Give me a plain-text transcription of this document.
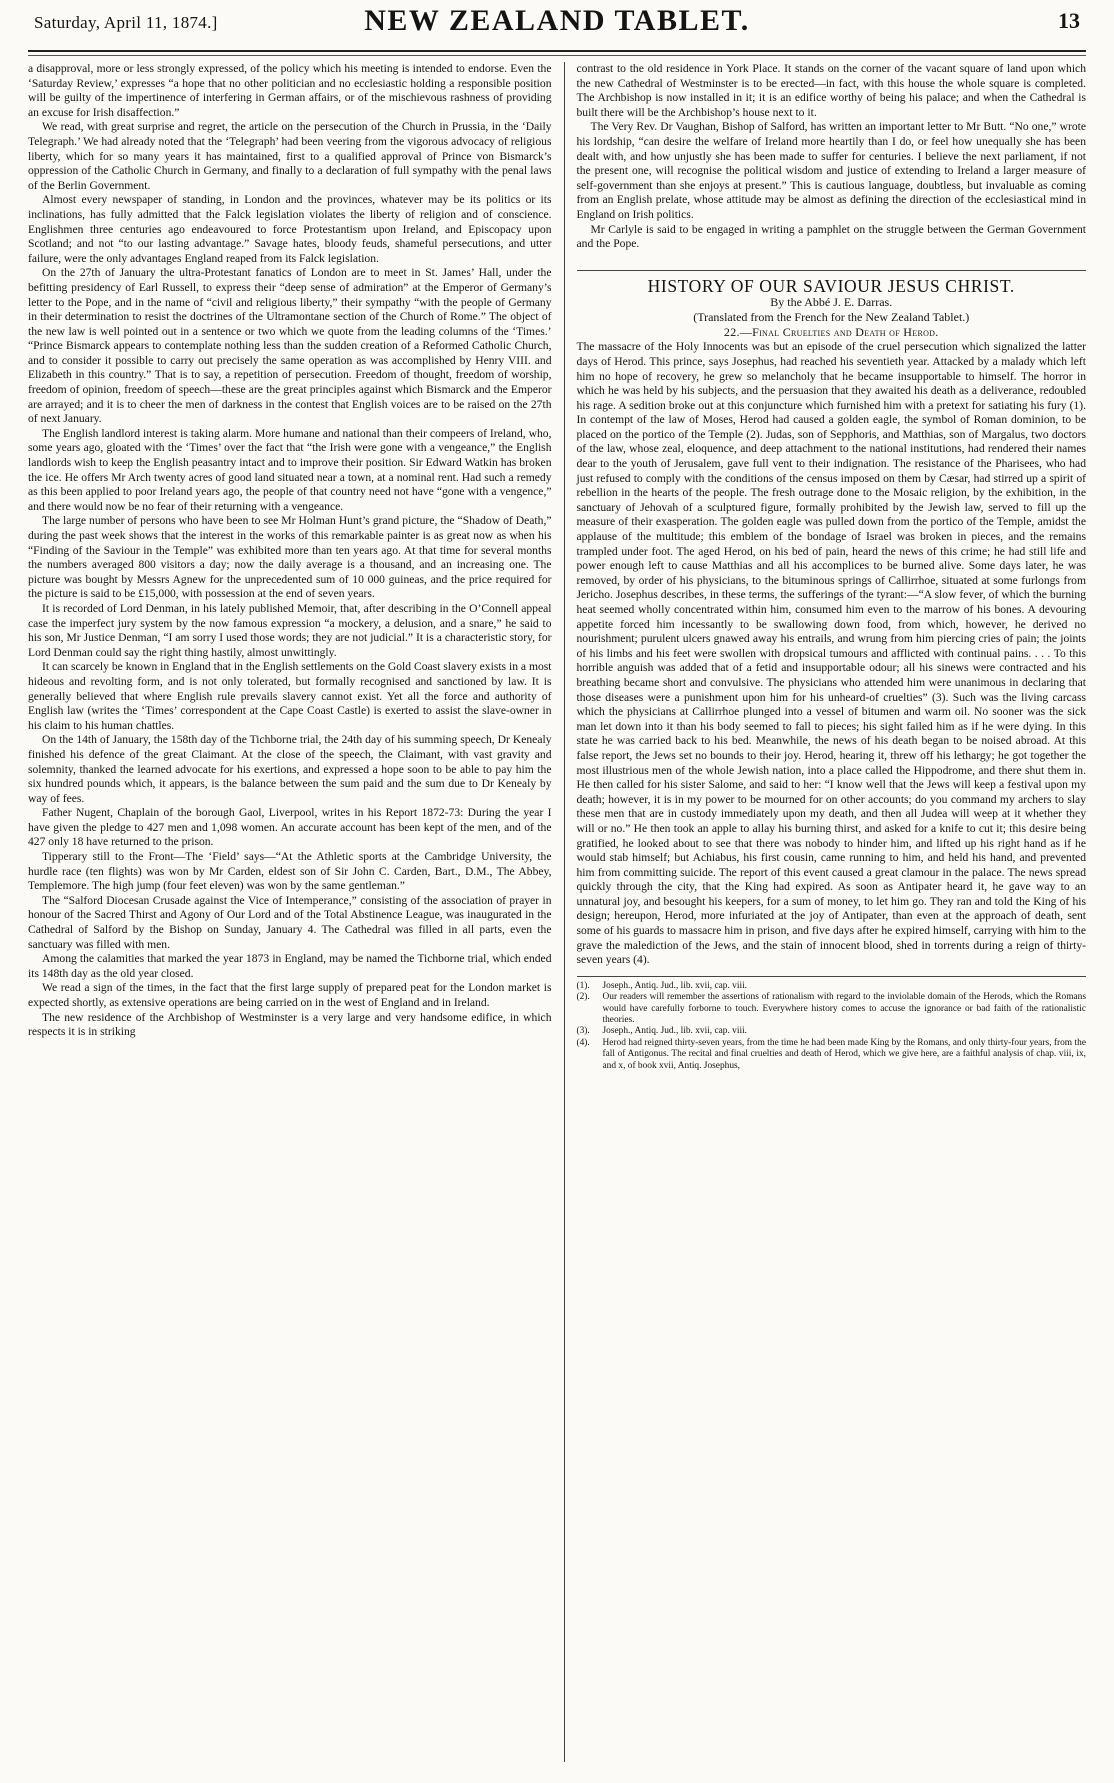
Saturday, April 11, 1874.]	NEW ZEALAND TABLET.	13

a disapproval, more or less strongly expressed, of the policy which his meeting is intended to endorse. Even the ‘Saturday Review,’ expresses “a hope that no other politician and no ecclesiastic holding a responsible position will be guilty of the impertinence of interfering in German affairs, or of the mischievous rashness of providing an excuse for Irish disaffection.”

We read, with great surprise and regret, the article on the persecution of the Church in Prussia, in the ‘Daily Telegraph.’ We had already noted that the ‘Telegraph’ had been veering from the vigorous advocacy of religious liberty, which for so many years it has maintained, first to a qualified approval of Prince von Bismarck’s oppression of the Catholic Church in Germany, and finally to a declaration of full sympathy with the penal laws of the Berlin Government.

Almost every newspaper of standing, in London and the provinces, whatever may be its politics or its inclinations, has fully admitted that the Falck legislation violates the liberty of religion and of conscience. Englishmen three centuries ago endeavoured to force Protestantism upon Ireland, and Episcopacy upon Scotland; and not “to our lasting advantage.” Savage hates, bloody feuds, shameful persecutions, and utter failure, were the only advantages England reaped from its Falck legislation.

On the 27th of January the ultra-Protestant fanatics of London are to meet in St. James’ Hall, under the befitting presidency of Earl Russell, to express their “deep sense of admiration” at the Emperor of Germany’s letter to the Pope, and in the name of “civil and religious liberty,” their sympathy “with the people of Germany in their determination to resist the doctrines of the Ultramontane section of the Church of Rome.” The object of the new law is well pointed out in a sentence or two which we quote from the leading columns of the ‘Times.’ “Prince Bismarck appears to contemplate nothing less than the sudden creation of a Reformed Catholic Church, and to consider it possible to carry out precisely the same operation as was accomplished by Henry VIII. and Elizabeth in this country.” That is to say, a repetition of persecution. Freedom of thought, freedom of worship, freedom of opinion, freedom of speech—these are the great principles against which Bismarck and the Emperor are arrayed; and it is to cheer the men of darkness in the contest that English voices are to be raised on the 27th of next January.

The English landlord interest is taking alarm. More humane and national than their compeers of Ireland, who, some years ago, gloated with the ‘Times’ over the fact that “the Irish were gone with a vengeance,” the English landlords wish to keep the English peasantry intact and to improve their position. Sir Edward Watkin has broken the ice. He offers Mr Arch twenty acres of good land situated near a town, at a nominal rent. Had such a remedy as this been applied to poor Ireland years ago, the people of that country need not have “gone with a vengence,” and there would now be no fear of their returning with a vengeance.

The large number of persons who have been to see Mr Holman Hunt’s grand picture, the “Shadow of Death,” during the past week shows that the interest in the works of this remarkable painter is as great now as when his “Finding of the Saviour in the Temple” was exhibited more than ten years ago. At that time for several months the numbers averaged 800 visitors a day; now the daily average is a thousand, and an increasing one. The picture was bought by Messrs Agnew for the unprecedented sum of 10 000 guineas, and the price required for the picture is said to be £15,000, with possession at the end of seven years.

It is recorded of Lord Denman, in his lately published Memoir, that, after describing in the O’Connell appeal case the imperfect jury system by the now famous expression “a mockery, a delusion, and a snare,” he said to his son, Mr Justice Denman, “I am sorry I used those words; they are not judicial.” It is a characteristic story, for Lord Denman could say the right thing hastily, almost unwittingly.

It can scarcely be known in England that in the English settlements on the Gold Coast slavery exists in a most hideous and revolting form, and is not only tolerated, but formally recognised and sanctioned by law. It is generally believed that where English rule prevails slavery cannot exist. Yet all the force and authority of English law (writes the ‘Times’ correspondent at the Cape Coast Castle) is exerted to assist the slave-owner in his claim to his human chattles.

On the 14th of January, the 158th day of the Tichborne trial, the 24th day of his summing speech, Dr Kenealy finished his defence of the great Claimant. At the close of the speech, the Claimant, with vast gravity and solemnity, thanked the learned advocate for his exertions, and expressed a hope soon to be able to pay him the six hundred pounds which, it appears, is the balance between the sum paid and the sum due to Dr Kenealy by way of fees.

Father Nugent, Chaplain of the borough Gaol, Liverpool, writes in his Report 1872-73: During the year I have given the pledge to 427 men and 1,098 women. An accurate account has been kept of the men, and of the 427 only 18 have returned to the prison.

Tipperary still to the Front—The ‘Field’ says—“At the Athletic sports at the Cambridge University, the hurdle race (ten flights) was won by Mr Carden, eldest son of Sir John C. Carden, Bart., D.M., The Abbey, Templemore. The high jump (four feet eleven) was won by the same gentleman.”

The “Salford Diocesan Crusade against the Vice of Intemperance,” consisting of the association of prayer in honour of the Sacred Thirst and Agony of Our Lord and of the Total Abstinence League, was inaugurated in the Cathedral of Salford by the Bishop on Sunday, January 4. The Cathedral was filled in all parts, even the sanctuary was filled with men.

Among the calamities that marked the year 1873 in England, may be named the Tichborne trial, which ended its 148th day as the old year closed.

We read a sign of the times, in the fact that the first large supply of prepared peat for the London market is expected shortly, as extensive operations are being carried on in the west of England and in Ireland.

The new residence of the Archbishop of Westminster is a very large and very handsome edifice, in which respects it is in striking

contrast to the old residence in York Place. It stands on the corner of the vacant square of land upon which the new Cathedral of Westminster is to be erected—in fact, with this house the whole square is completed. The Archbishop is now installed in it; it is an edifice worthy of being his palace; and when the Cathedral is built there will be the Archbishop’s house next to it.

The Very Rev. Dr Vaughan, Bishop of Salford, has written an important letter to Mr Butt. “No one,” wrote his lordship, “can desire the welfare of Ireland more heartily than I do, or feel how unequally she has been dealt with, and how unjustly she has been made to suffer for centuries. I believe the next parliament, if not the present one, will recognise the political wisdom and justice of extending to Ireland a larger measure of self-government than she enjoys at present.” This is cautious language, doubtless, but invaluable as coming from an English prelate, whose attitude may be almost as defining the direction of the ecclesiastical mind in England on Irish politics.

Mr Carlyle is said to be engaged in writing a pamphlet on the struggle between the German Government and the Pope.

HISTORY OF OUR SAVIOUR JESUS CHRIST.
By the Abbé J. E. Darras.
(Translated from the French for the New Zealand Tablet.)
22.—Final Cruelties and Death of Herod.

The massacre of the Holy Innocents was but an episode of the cruel persecution which signalized the latter days of Herod. This prince, says Josephus, had reached his seventieth year. Attacked by a malady which left him no hope of recovery, he grew so melancholy that he became insupportable to himself. The horror in which he was held by his subjects, and the persuasion that they awaited his death as a deliverance, redoubled his rage. A sedition broke out at this conjuncture which furnished him with a pretext for satiating his fury (1). In contempt of the law of Moses, Herod had caused a golden eagle, the symbol of Roman dominion, to be placed on the portico of the Temple (2). Judas, son of Sepphoris, and Matthias, son of Margalus, two doctors of the law, whose zeal, eloquence, and deep attachment to the national institutions, had rendered their names dear to the youth of Jerusalem, gave full vent to their indignation. The resistance of the Pharisees, who had just refused to comply with the conditions of the census imposed on them by Cæsar, had stirred up a spirit of rebellion in the hearts of the people. The fresh outrage done to the Mosaic religion, by the exhibition, in the sanctuary of Jehovah of a sculptured figure, formally prohibited by the Jewish law, served to fill up the measure of their exasperation. The golden eagle was pulled down from the portico of the Temple, amidst the applause of the multitude; this emblem of the bondage of Israel was broken in pieces, and the remains trampled under foot. The aged Herod, on his bed of pain, heard the news of this crime; he had still life and power enough left to cause Matthias and all his accomplices to be burned alive. Some days later, he was removed, by order of his physicians, to the bituminous springs of Callirrhoe, situated at some furlongs from Jericho. Josephus describes, in these terms, the sufferings of the tyrant:—“A slow fever, of which the burning heat seemed wholly concentrated within him, consumed him even to the marrow of his bones. A devouring appetite forced him incessantly to be swallowing down food, from which, however, he derived no nourishment; purulent ulcers gnawed away his entrails, and wrung from him piercing cries of pain; the joints of his limbs and his feet were swollen with dropsical tumours and afflicted with continual pains. . . . To this horrible anguish was added that of a fetid and insupportable odour; all his sinews were contracted and his breathing became short and convulsive. The physicians who attended him were unanimous in declaring that those diseases were a punishment upon him for his unheard-of cruelties” (3). Such was the living carcass which the physicians at Callirrhoe plunged into a vessel of bitumen and warm oil. No sooner was the sick man let down into it than his body seemed to fall to pieces; his sight failed him as if he were dying. In this state he was carried back to his bed. Meanwhile, the news of his death began to be noised abroad. At this false report, the Jews set no bounds to their joy. Herod, hearing it, threw off his lethargy; he got together the most illustrious men of the whole Jewish nation, into a place called the Hippodrome, and there shut them in. He then called for his sister Salome, and said to her: “I know well that the Jews will keep a festival upon my death; however, it is in my power to be mourned for on other accounts; do you command my archers to slay these men that are in custody immediately upon my death, and then all Judea will weep at it whether they will or no.” He then took an apple to allay his burning thirst, and asked for a knife to cut it; this desire being gratified, he looked about to see that there was nobody to hinder him, and lifted up his right hand as if he would stab himself; but Achiabus, his first cousin, came running to him, and held his hand, and prevented him from committing suicide. The report of this event caused a great clamour in the palace. The news spread quickly through the city, that the King had expired. As soon as Antipater heard it, he gave way to an unnatural joy, and besought his keepers, for a sum of money, to let him go. They ran and told the King of his design; hereupon, Herod, more infuriated at the joy of Antipater, than even at the approach of death, sent some of his guards to massacre him in prison, and five days after he expired himself, carrying with him to the grave the malediction of the Jews, and the stain of innocent blood, shed in torrents during a reign of thirty-seven years (4).

(1).	Joseph., Antiq. Jud., lib. xvii, cap. viii.
(2).	Our readers will remember the assertions of rationalism with regard to the inviolable domain of the Herods, which the Romans would have carefully forborne to touch. Everywhere history comes to accuse the ignorance or bad faith of the rationalistic theories.
(3).	Joseph., Antiq. Jud., lib. xvii, cap. viii.
(4).	Herod had reigned thirty-seven years, from the time he had been made King by the Romans, and only thirty-four years, from the fall of Antigonus. The recital and final cruelties and death of Herod, which we give here, are a faithful analysis of chap. viii, ix, and x, of book xvii, Antiq. Josephus,
